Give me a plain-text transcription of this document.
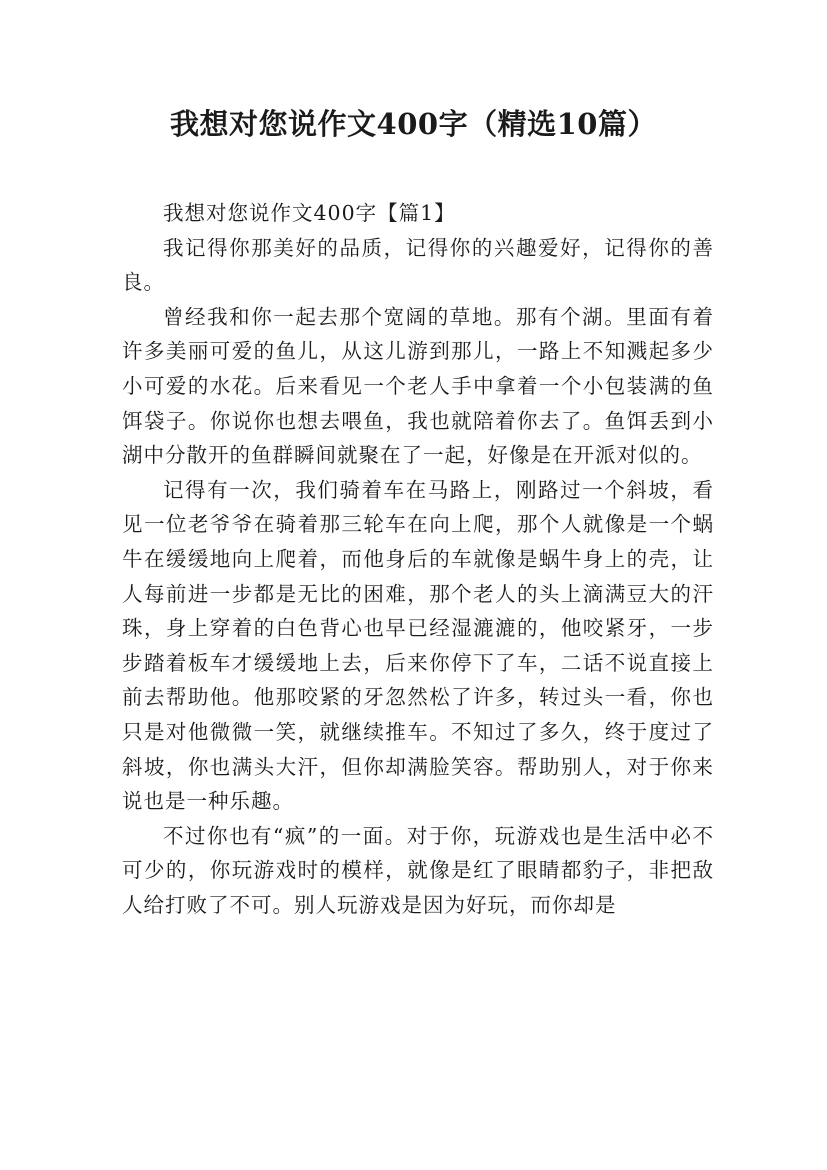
我想对您说作文400字（精选10篇）
我想对您说作文400字【篇1】

我记得你那美好的品质，记得你的兴趣爱好，记得你的善良。

曾经我和你一起去那个宽阔的草地。那有个湖。里面有着许多美丽可爱的鱼儿，从这儿游到那儿，一路上不知溅起多少小可爱的水花。后来看见一个老人手中拿着一个小包装满的鱼饵袋子。你说你也想去喂鱼，我也就陪着你去了。鱼饵丢到小湖中分散开的鱼群瞬间就聚在了一起，好像是在开派对似的。

记得有一次，我们骑着车在马路上，刚路过一个斜坡，看见一位老爷爷在骑着那三轮车在向上爬，那个人就像是一个蜗牛在缓缓地向上爬着，而他身后的车就像是蜗牛身上的壳，让人每前进一步都是无比的困难，那个老人的头上滴满豆大的汗珠，身上穿着的白色背心也早已经湿漉漉的，他咬紧牙，一步步踏着板车才缓缓地上去，后来你停下了车，二话不说直接上前去帮助他。他那咬紧的牙忽然松了许多，转过头一看，你也只是对他微微一笑，就继续推车。不知过了多久，终于度过了斜坡，你也满头大汗，但你却满脸笑容。帮助别人，对于你来说也是一种乐趣。

不过你也有“疯”的一面。对于你，玩游戏也是生活中必不可少的，你玩游戏时的模样，就像是红了眼睛都豹子，非把敌人给打败了不可。别人玩游戏是因为好玩，而你却是
